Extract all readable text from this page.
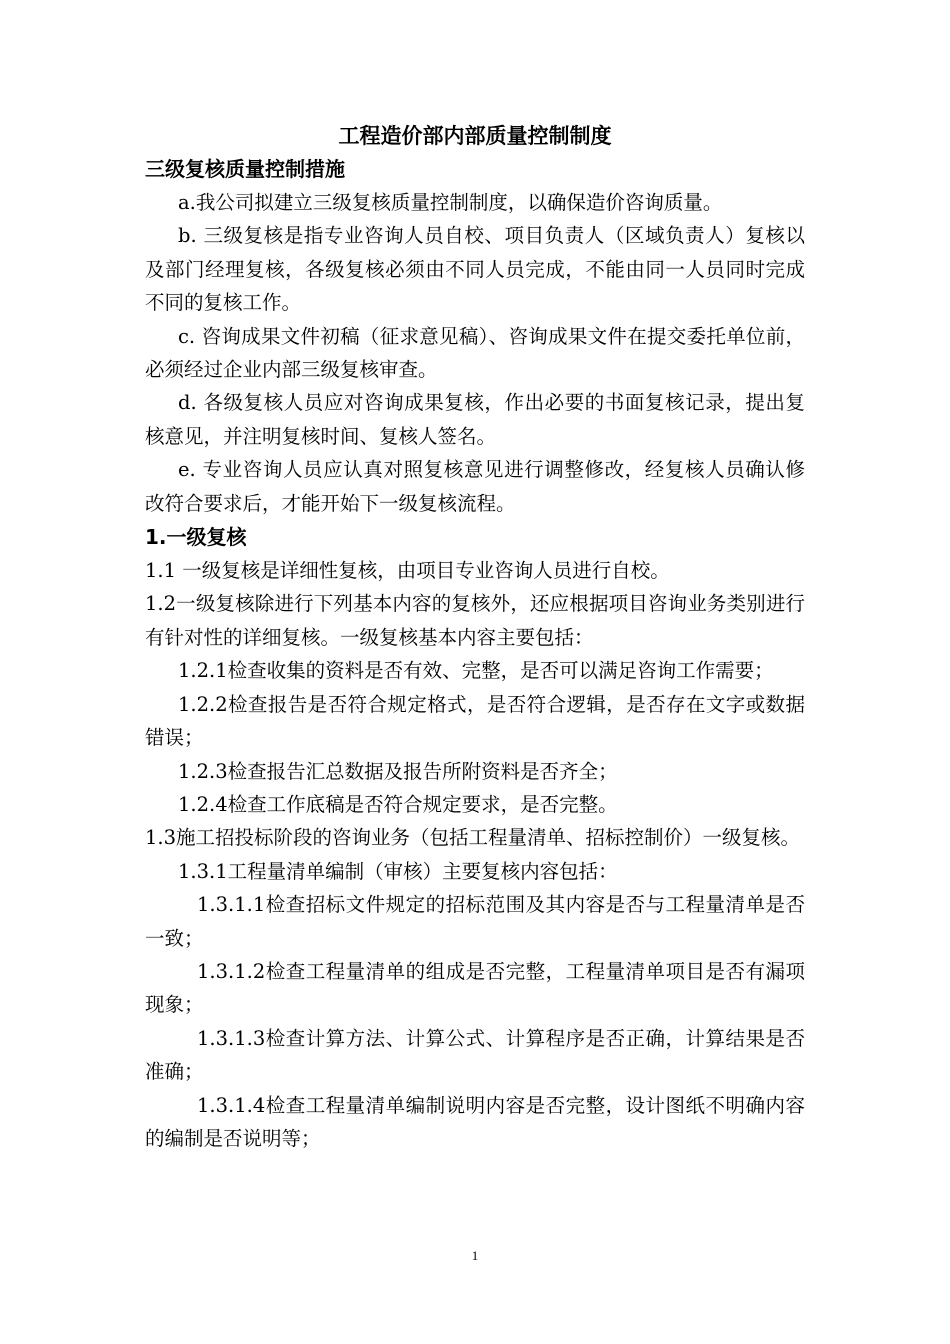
工程造价部内部质量控制制度
三级复核质量控制措施

a.我公司拟建立三级复核质量控制制度，以确保造价咨询质量。

b. 三级复核是指专业咨询人员自校、项目负责人（区域负责人）复核以及部门经理复核，各级复核必须由不同人员完成，不能由同一人员同时完成不同的复核工作。

c. 咨询成果文件初稿（征求意见稿）、咨询成果文件在提交委托单位前，必须经过企业内部三级复核审查。

d. 各级复核人员应对咨询成果复核，作出必要的书面复核记录，提出复核意见，并注明复核时间、复核人签名。

e. 专业咨询人员应认真对照复核意见进行调整修改，经复核人员确认修改符合要求后，才能开始下一级复核流程。

1.一级复核

1.1 一级复核是详细性复核，由项目专业咨询人员进行自校。

1.2一级复核除进行下列基本内容的复核外，还应根据项目咨询业务类别进行有针对性的详细复核。一级复核基本内容主要包括：

1.2.1检查收集的资料是否有效、完整，是否可以满足咨询工作需要；

1.2.2检查报告是否符合规定格式，是否符合逻辑，是否存在文字或数据错误；

1.2.3检查报告汇总数据及报告所附资料是否齐全；

1.2.4检查工作底稿是否符合规定要求，是否完整。

1.3施工招投标阶段的咨询业务（包括工程量清单、招标控制价）一级复核。

1.3.1工程量清单编制（审核）主要复核内容包括：

1.3.1.1检查招标文件规定的招标范围及其内容是否与工程量清单是否一致；

1.3.1.2检查工程量清单的组成是否完整，工程量清单项目是否有漏项现象；

1.3.1.3检查计算方法、计算公式、计算程序是否正确，计算结果是否准确；

1.3.1.4检查工程量清单编制说明内容是否完整，设计图纸不明确内容的编制是否说明等；

1
